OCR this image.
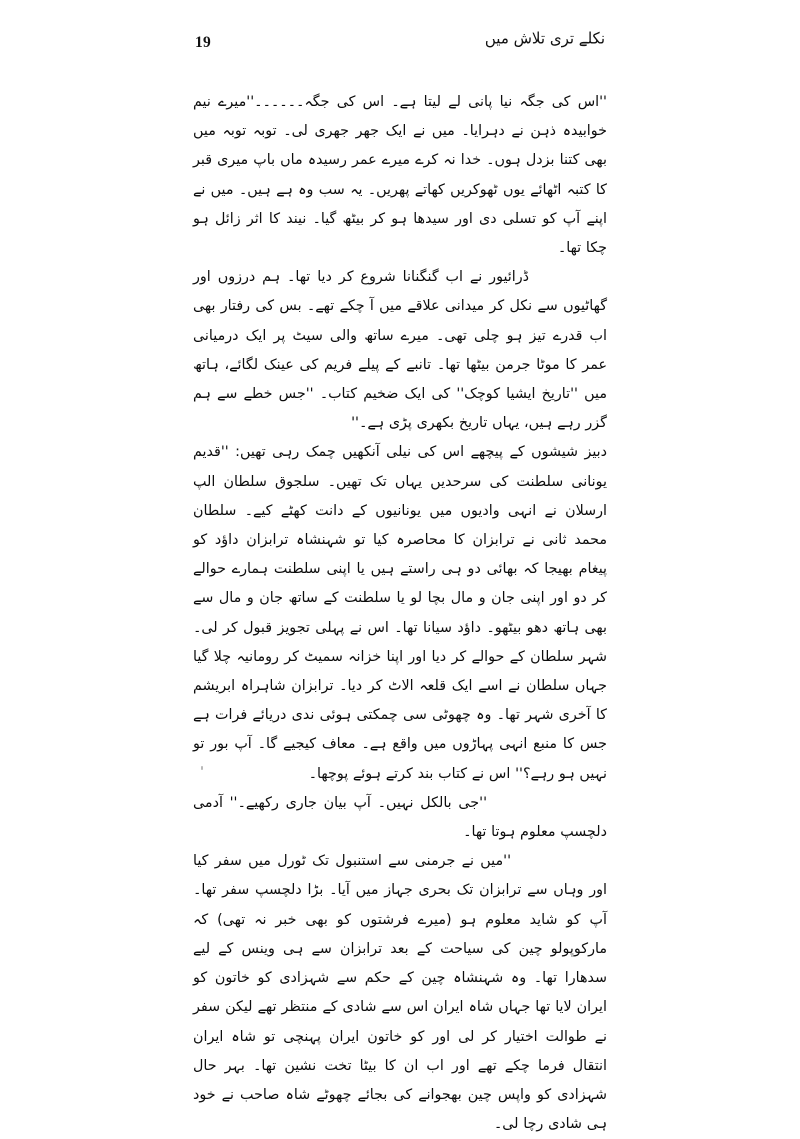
19	نکلے تری تلاش میں

''اس کی جگہ نیا پانی لے لیتا ہے۔ اس کی جگہ۔۔۔۔۔۔''میرے نیم خوابیدہ ذہن نے دہرایا۔ میں نے ایک جھر جھری لی۔ توبہ توبہ میں بھی کتنا بزدل ہوں۔ خدا نہ کرے میرے عمر رسیدہ ماں باپ میری قبر کا کتبہ اٹھائے یوں ٹھوکریں کھاتے پھریں۔ یہ سب وہ ہے ہیں۔ میں نے اپنے آپ کو تسلی دی اور سیدھا ہو کر بیٹھ گیا۔ نیند کا اثر زائل ہو چکا تھا۔

ڈرائیور نے اب گنگنانا شروع کر دیا تھا۔ ہم درزوں اور گھاٹیوں سے نکل کر میدانی علاقے میں آ چکے تھے۔ بس کی رفتار بھی اب قدرے تیز ہو چلی تھی۔ میرے ساتھ والی سیٹ پر ایک درمیانی عمر کا موٹا جرمن بیٹھا تھا۔ تانبے کے پیلے فریم کی عینک لگائے، ہاتھ میں ''تاریخ ایشیا کوچک'' کی ایک ضخیم کتاب۔ ''جس خطے سے ہم گزر رہے ہیں، یہاں تاریخ بکھری پڑی ہے۔''

دبیز شیشوں کے پیچھے اس کی نیلی آنکھیں چمک رہی تھیں: ''قدیم یونانی سلطنت کی سرحدیں یہاں تک تھیں۔ سلجوق سلطان الپ ارسلان نے انہی وادیوں میں یونانیوں کے دانت کھٹے کیے۔ سلطان محمد ثانی نے ترابزان کا محاصرہ کیا تو شہنشاہ ترابزان داؤد کو پیغام بھیجا کہ بھائی دو ہی راستے ہیں یا اپنی سلطنت ہمارے حوالے کر دو اور اپنی جان و مال بچا لو یا سلطنت کے ساتھ جان و مال سے بھی ہاتھ دھو بیٹھو۔ داؤد سیانا تھا۔ اس نے پہلی تجویز قبول کر لی۔ شہر سلطان کے حوالے کر دیا اور اپنا خزانہ سمیٹ کر رومانیہ چلا گیا جہاں سلطان نے اسے ایک قلعہ الاٹ کر دیا۔ ترابزان شاہراہ ابریشم کا آخری شہر تھا۔ وہ چھوٹی سی چمکتی ہوئی ندی دریائے فرات ہے جس کا منبع انہی پہاڑوں میں واقع ہے۔ معاف کیجیے گا۔ آپ بور تو نہیں ہو رہے؟'' اس نے کتاب بند کرتے ہوئے پوچھا۔

''جی بالکل نہیں۔ آپ بیان جاری رکھیے۔'' آدمی دلچسپ معلوم ہوتا تھا۔

''میں نے جرمنی سے استنبول تک ٹورل میں سفر کیا اور وہاں سے ترابزان تک بحری جہاز میں آیا۔ بڑا دلچسپ سفر تھا۔ آپ کو شاید معلوم ہو (میرے فرشتوں کو بھی خبر نہ تھی) کہ مارکوپولو چین کی سیاحت کے بعد ترابزان سے ہی وینس کے لیے سدھارا تھا۔ وہ شہنشاہ چین کے حکم سے شہزادی کو خاتون کو ایران لایا تھا جہاں شاہ ایران اس سے شادی کے منتظر تھے لیکن سفر نے طوالت اختیار کر لی اور کو خاتون ایران پہنچی تو شاہ ایران انتقال فرما چکے تھے اور اب ان کا بیٹا تخت نشین تھا۔ بہر حال شہزادی کو واپس چین بھجوانے کی بجائے چھوٹے شاہ صاحب نے خود ہی شادی رچا لی۔
